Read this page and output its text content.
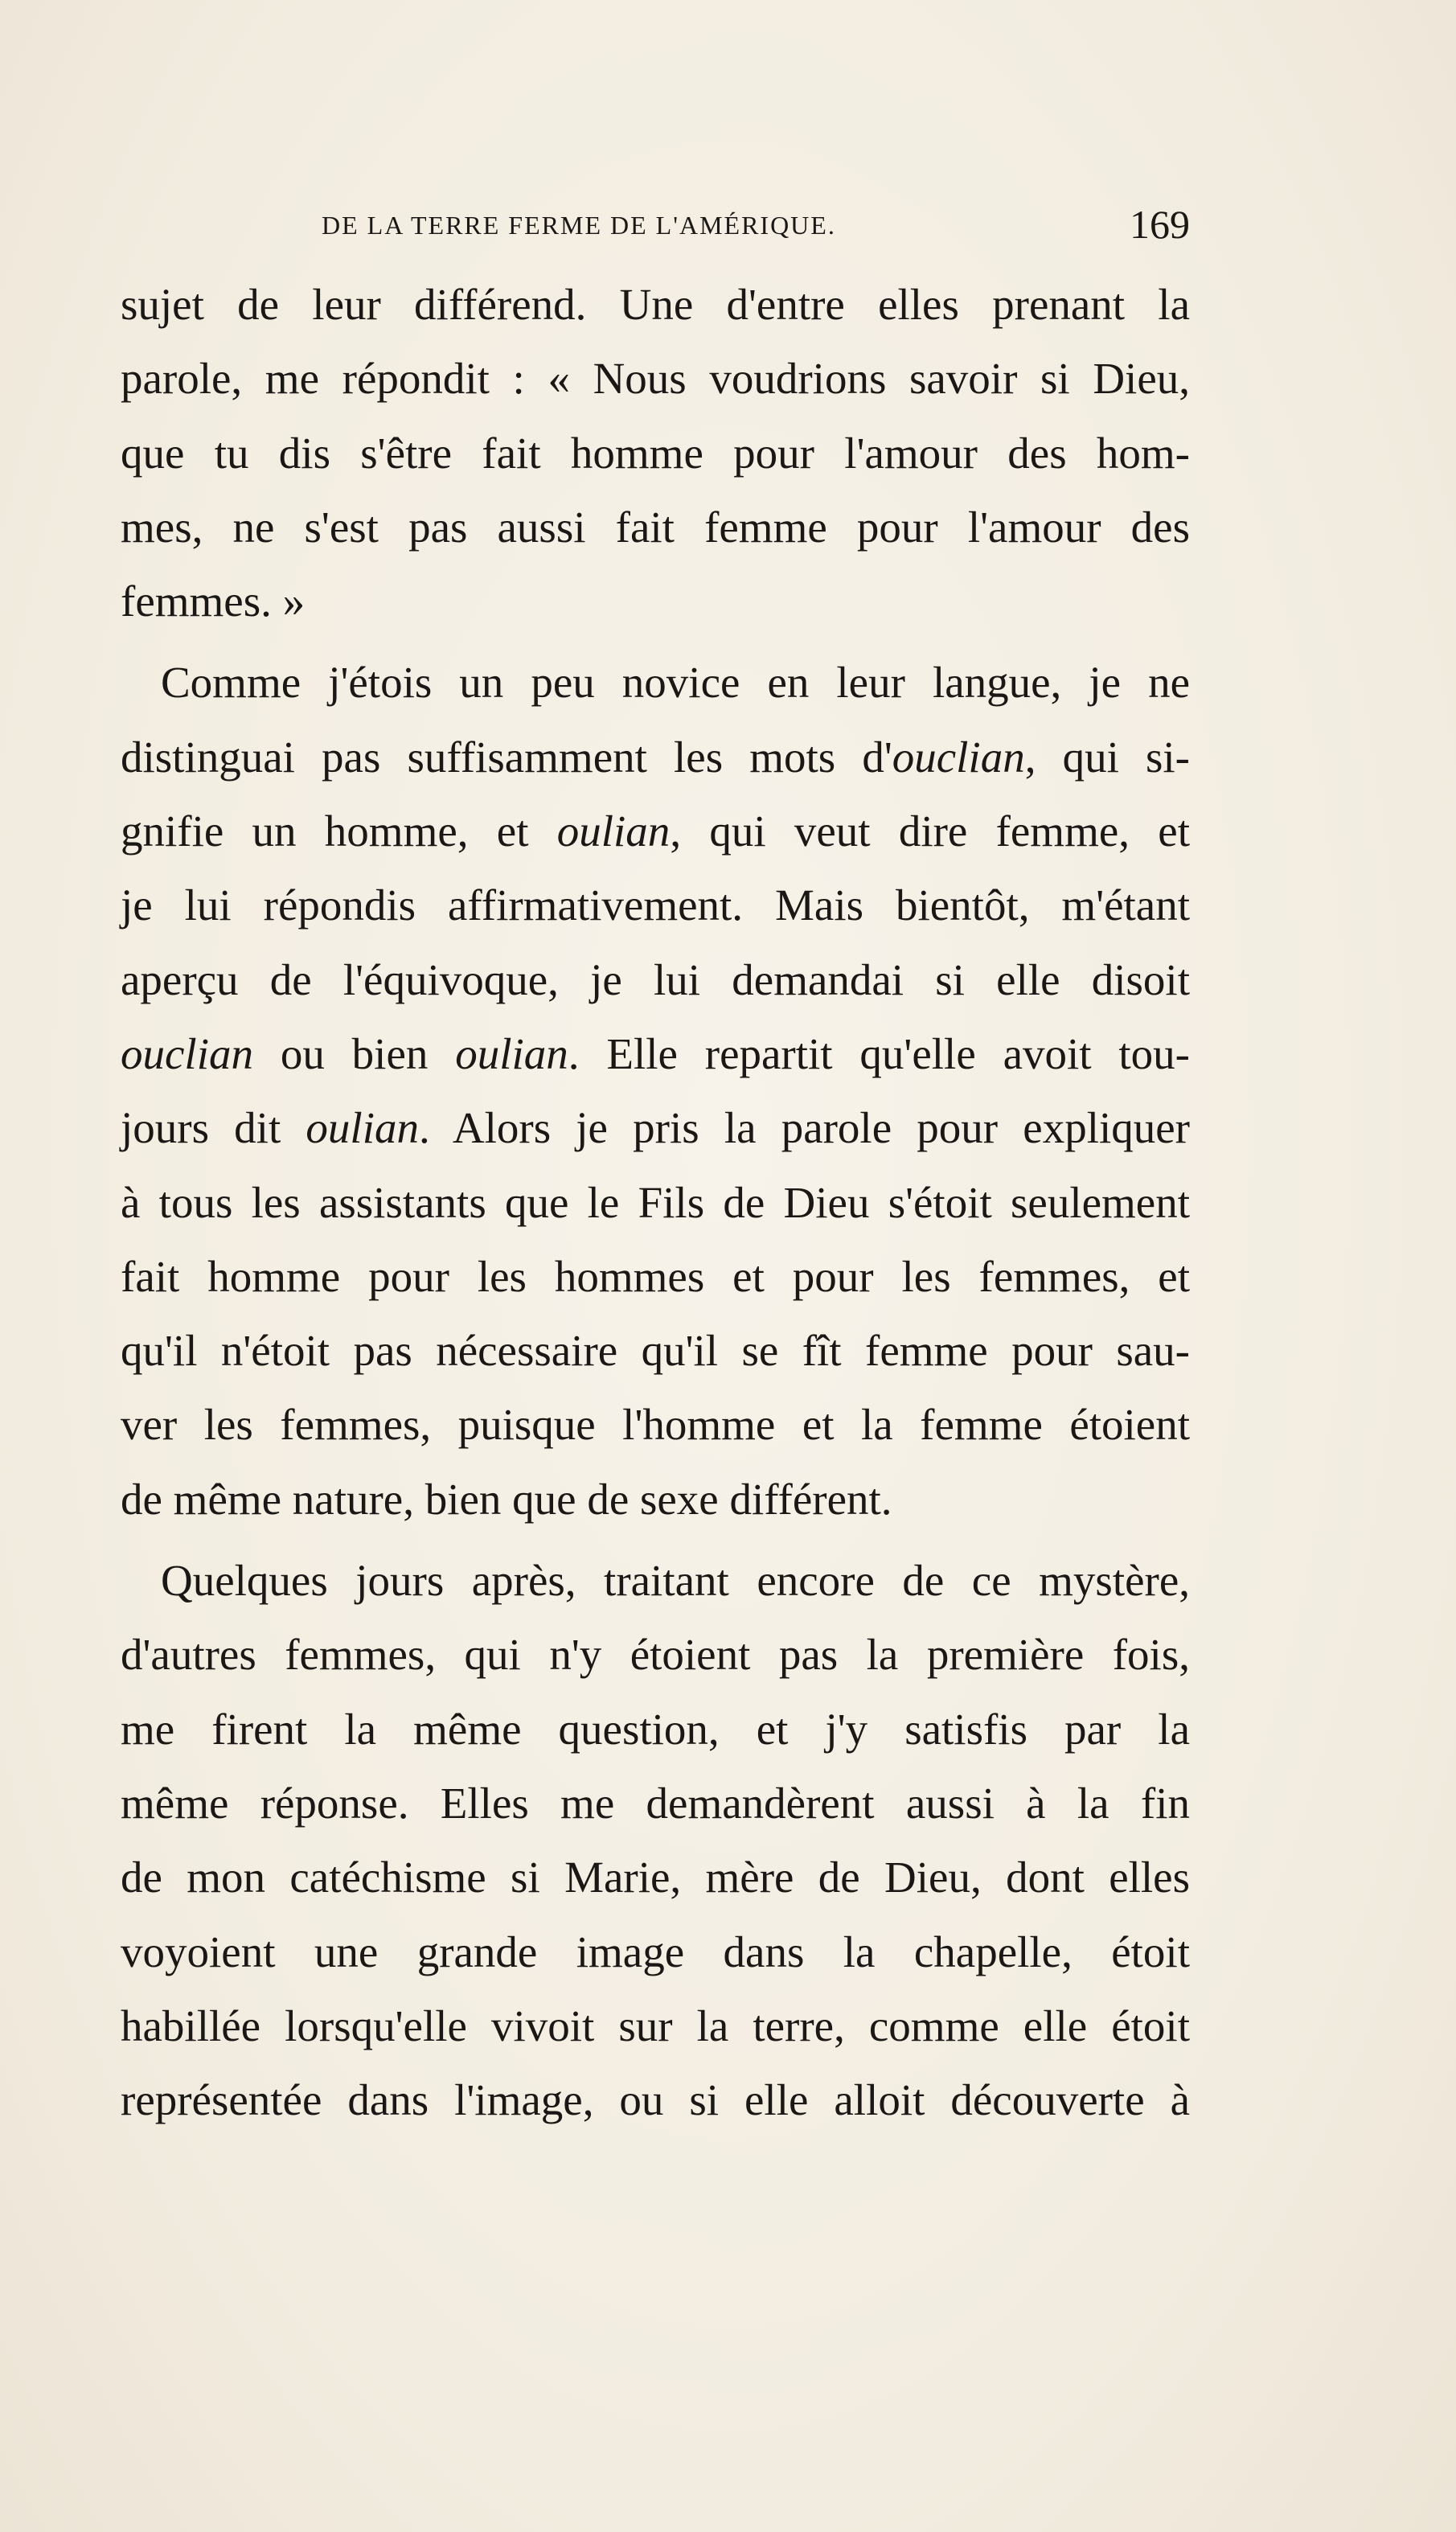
DE LA TERRE FERME DE L'AMÉRIQUE.	169
sujet de leur différend. Une d'entre elles prenant la
parole, me répondit : « Nous voudrions savoir si Dieu,
que tu dis s'être fait homme pour l'amour des hom-
mes, ne s'est pas aussi fait femme pour l'amour des
femmes. »
Comme j'étois un peu novice en leur langue, je ne
distinguai pas suffisamment les mots d'ouclian, qui si-
gnifie un homme, et oulian, qui veut dire femme, et
je lui répondis affirmativement. Mais bientôt, m'étant
aperçu de l'équivoque, je lui demandai si elle disoit
ouclian ou bien oulian. Elle repartit qu'elle avoit tou-
jours dit oulian. Alors je pris la parole pour expliquer
à tous les assistants que le Fils de Dieu s'étoit seulement
fait homme pour les hommes et pour les femmes, et
qu'il n'étoit pas nécessaire qu'il se fît femme pour sau-
ver les femmes, puisque l'homme et la femme étoient
de même nature, bien que de sexe différent.
Quelques jours après, traitant encore de ce mystère,
d'autres femmes, qui n'y étoient pas la première fois,
me firent la même question, et j'y satisfis par la
même réponse. Elles me demandèrent aussi à la fin
de mon catéchisme si Marie, mère de Dieu, dont elles
voyoient une grande image dans la chapelle, étoit
habillée lorsqu'elle vivoit sur la terre, comme elle étoit
représentée dans l'image, ou si elle alloit découverte à
